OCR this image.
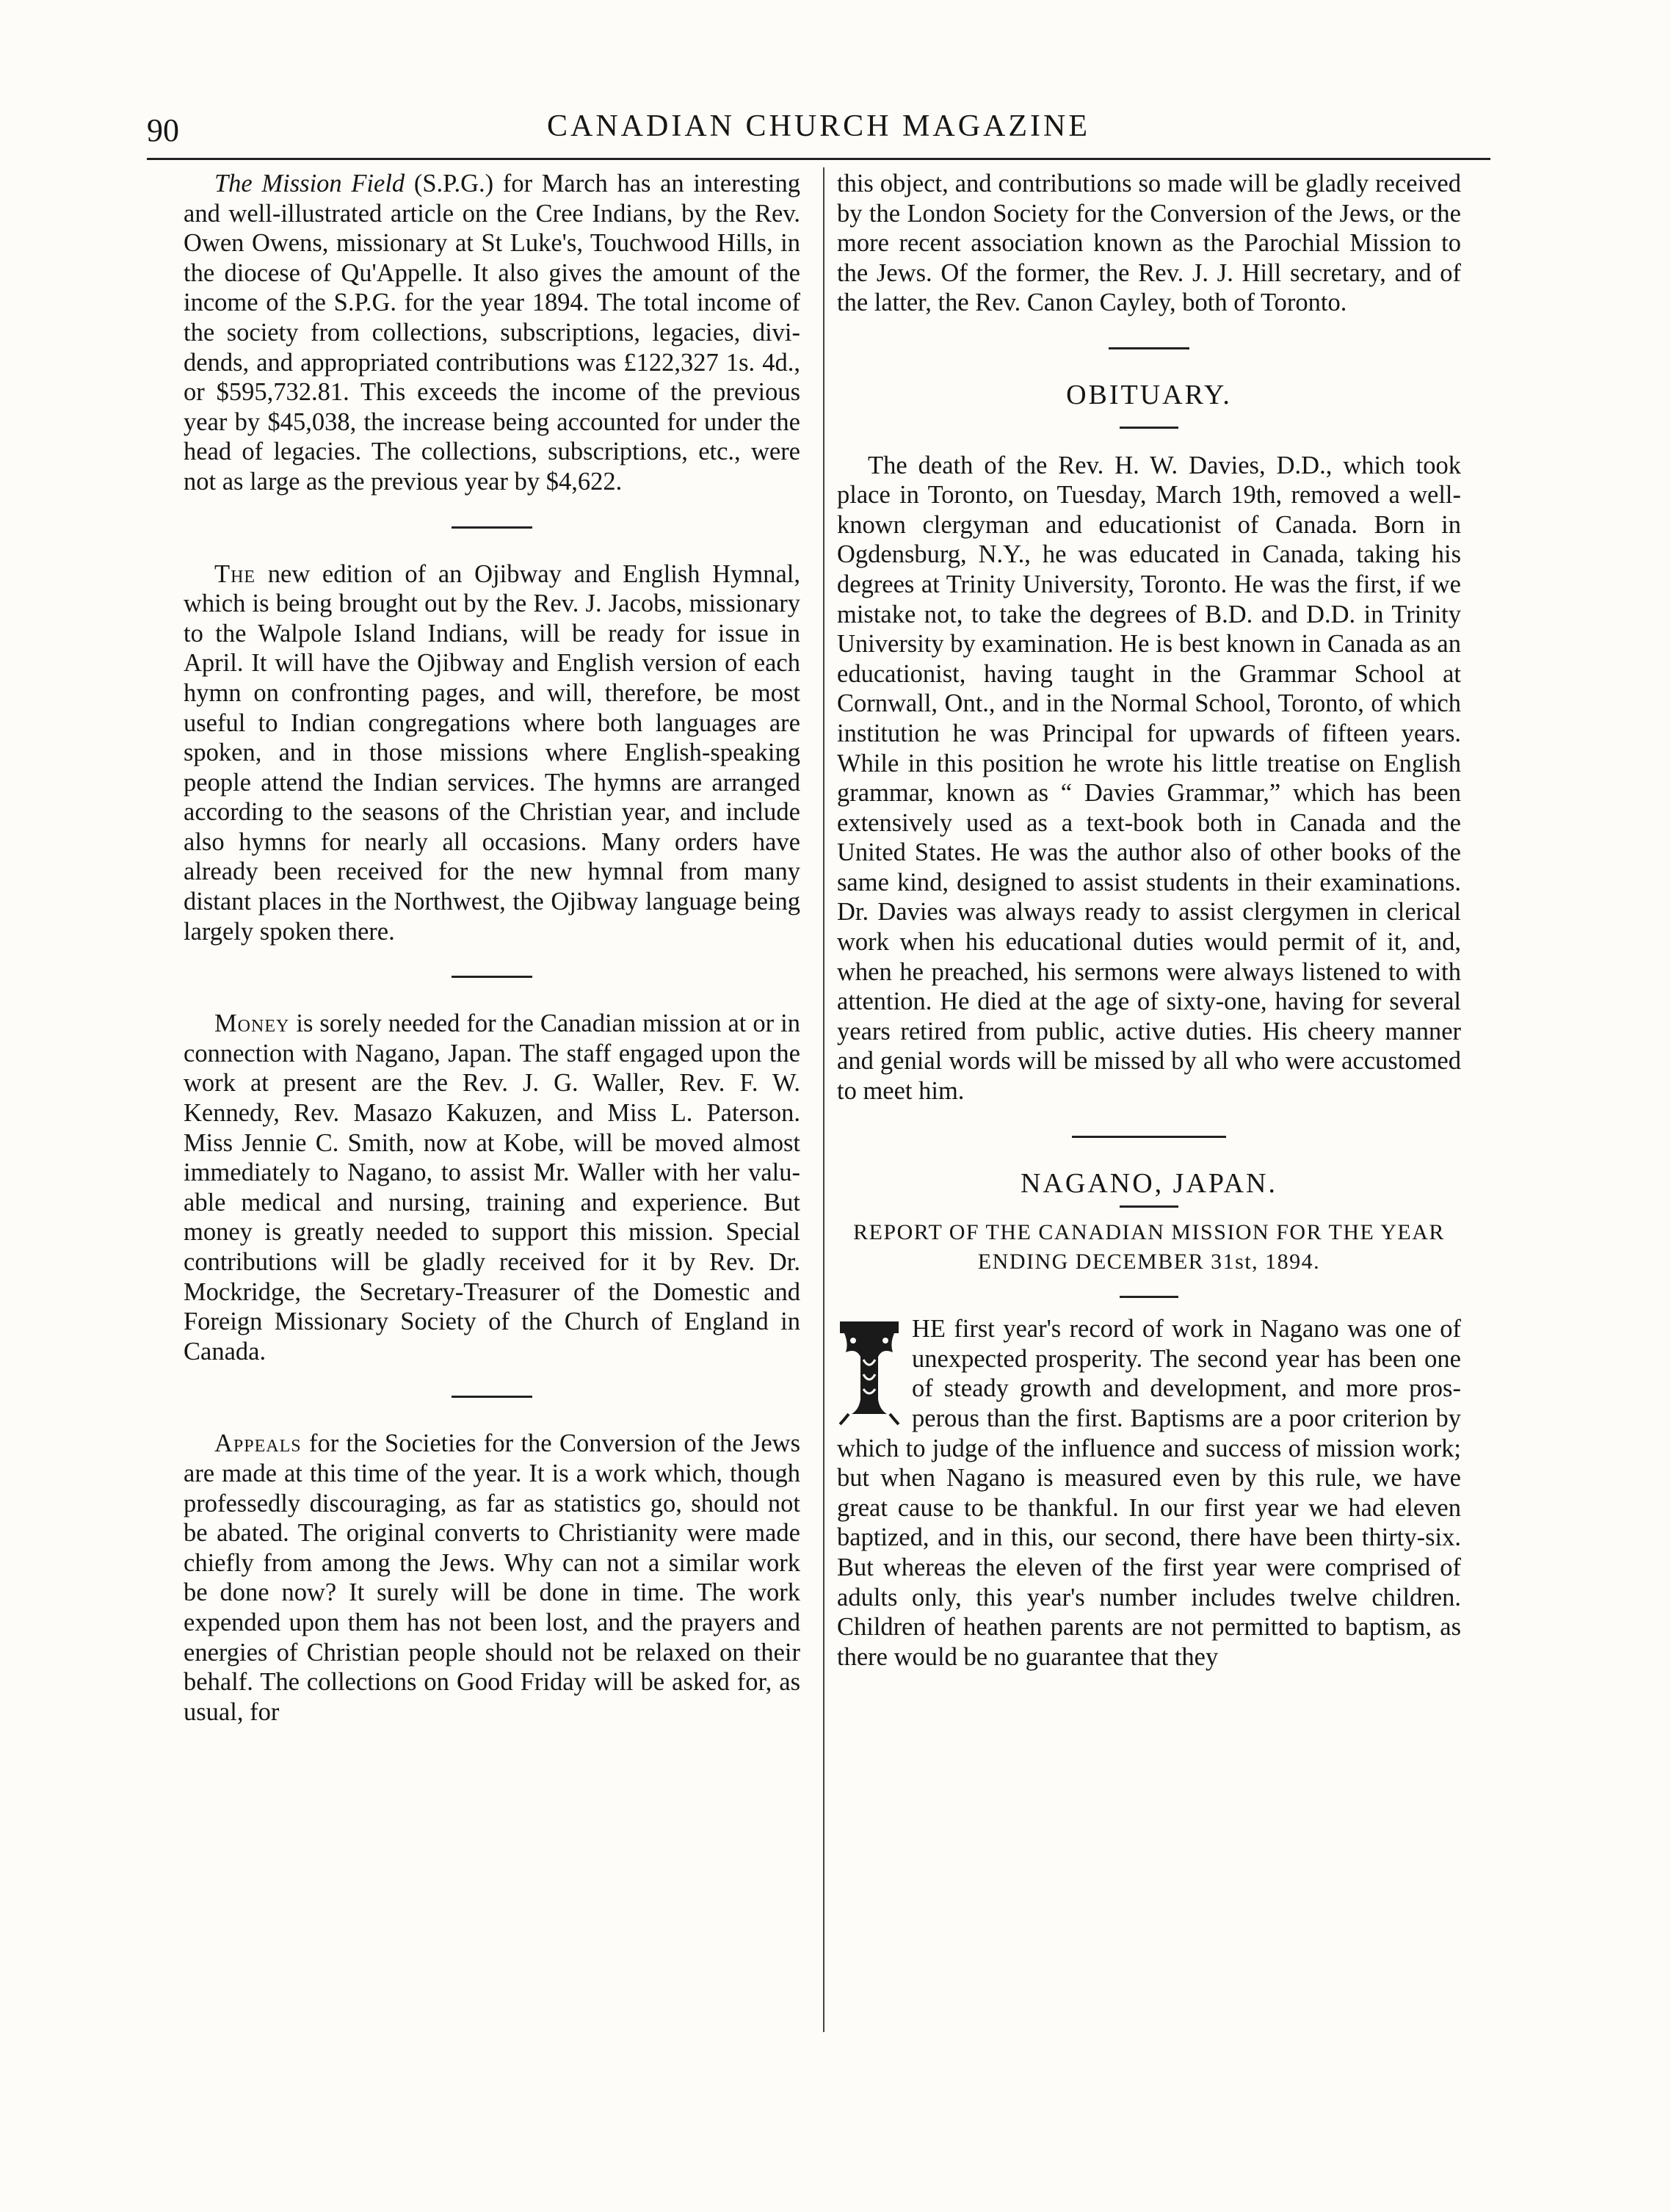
90	CANADIAN CHURCH MAGAZINE

The Mission Field (S.P.G.) for March has an interesting and well-illustrated article on the Cree Indians, by the Rev. Owen Owens, missionary at St Luke's, Touchwood Hills, in the diocese of Qu'Appelle. It also gives the amount of the income of the S.P.G. for the year 1894. The total income of the society from collections, subscriptions, legacies, dividends, and appropriated contributions was £122,327 1s. 4d., or $595,732.81. This exceeds the income of the previous year by $45,038, the increase being accounted for under the head of legacies. The collections, subscriptions, etc., were not as large as the previous year by $4,622.

The new edition of an Ojibway and English Hymnal, which is being brought out by the Rev. J. Jacobs, missionary to the Walpole Island Indians, will be ready for issue in April. It will have the Ojibway and English version of each hymn on confronting pages, and will, therefore, be most useful to Indian congregations where both languages are spoken, and in those missions where English-speaking people attend the Indian services. The hymns are arranged according to the seasons of the Christian year, and include also hymns for nearly all occasions. Many orders have already been received for the new hymnal from many distant places in the Northwest, the Ojibway language being largely spoken there.

Money is sorely needed for the Canadian mission at or in connection with Nagano, Japan. The staff engaged upon the work at present are the Rev. J. G. Waller, Rev. F. W. Kennedy, Rev. Masazo Kakuzen, and Miss L. Paterson. Miss Jennie C. Smith, now at Kobe, will be moved almost immediately to Nagano, to assist Mr. Waller with her valuable medical and nursing, training and experience. But money is greatly needed to support this mission. Special contributions will be gladly received for it by Rev. Dr. Mockridge, the Secretary-Treasurer of the Domestic and Foreign Missionary Society of the Church of England in Canada.

Appeals for the Societies for the Conversion of the Jews are made at this time of the year. It is a work which, though professedly discouraging, as far as statistics go, should not be abated. The original converts to Christianity were made chiefly from among the Jews. Why can not a similar work be done now? It surely will be done in time. The work expended upon them has not been lost, and the prayers and energies of Christian people should not be relaxed on their behalf. The collections on Good Friday will be asked for, as usual, for

this object, and contributions so made will be gladly received by the London Society for the Conversion of the Jews, or the more recent association known as the Parochial Mission to the Jews. Of the former, the Rev. J. J. Hill secretary, and of the latter, the Rev. Canon Cayley, both of Toronto.

OBITUARY.

The death of the Rev. H. W. Davies, D.D., which took place in Toronto, on Tuesday, March 19th, removed a well-known clergyman and educationist of Canada. Born in Ogdensburg, N.Y., he was educated in Canada, taking his degrees at Trinity University, Toronto. He was the first, if we mistake not, to take the degrees of B.D. and D.D. in Trinity University by examination. He is best known in Canada as an educationist, having taught in the Grammar School at Cornwall, Ont., and in the Normal School, Toronto, of which institution he was Principal for upwards of fifteen years. While in this position he wrote his little treatise on English grammar, known as “ Davies Grammar,” which has been extensively used as a text-book both in Canada and the United States. He was the author also of other books of the same kind, designed to assist students in their examinations. Dr. Davies was always ready to assist clergymen in clerical work when his educational duties would permit of it, and, when he preached, his sermons were always listened to with attention. He died at the age of sixty-one, having for several years retired from public, active duties. His cheery manner and genial words will be missed by all who were accustomed to meet him.

NAGANO, JAPAN.
REPORT OF THE CANADIAN MISSION FOR THE YEAR ENDING DECEMBER 31st, 1894.

HE first year's record of work in Nagano was one of unexpected prosperity. The second year has been one of steady growth and development, and more prosperous than the first. Baptisms are a poor criterion by which to judge of the influence and success of mission work; but when Nagano is measured even by this rule, we have great cause to be thankful. In our first year we had eleven baptized, and in this, our second, there have been thirty-six. But whereas the eleven of the first year were comprised of adults only, this year's number includes twelve children. Children of heathen parents are not permitted to baptism, as there would be no guarantee that they
